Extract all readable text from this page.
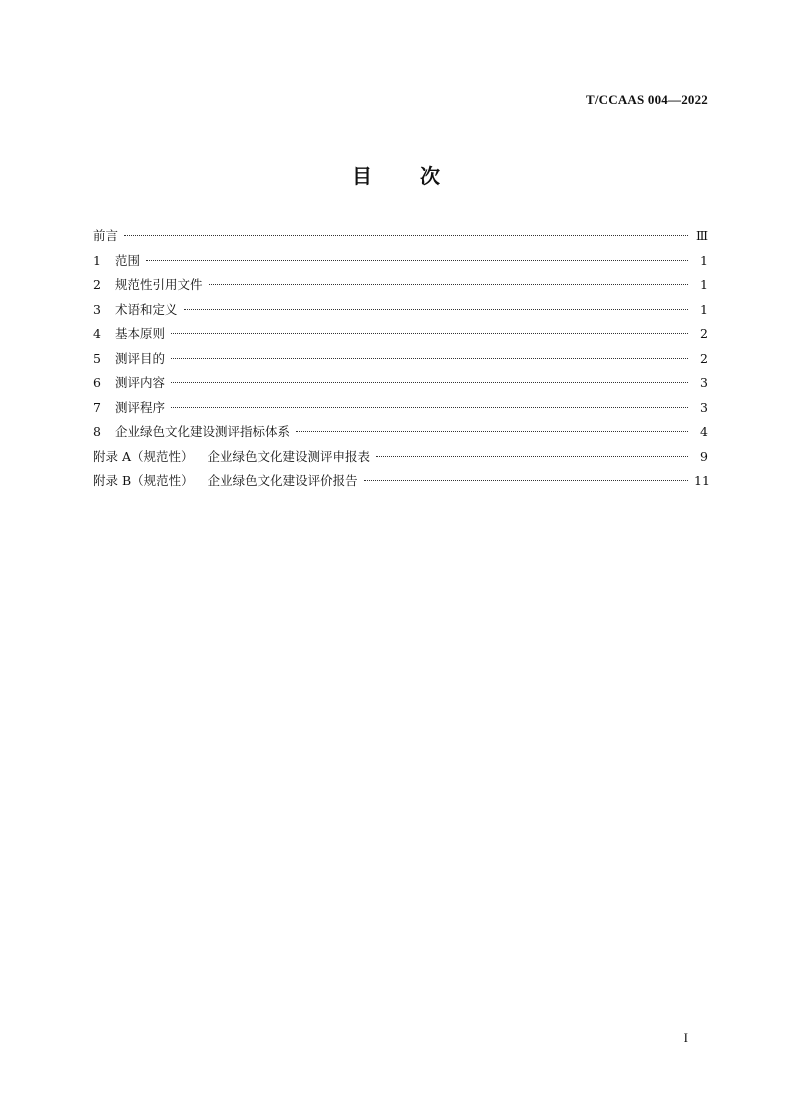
T/CCAAS 004—2022
目 次
前言	Ⅲ
1	范围	1
2	规范性引用文件	1
3	术语和定义	1
4	基本原则	2
5	测评目的	2
6	测评内容	3
7	测评程序	3
8	企业绿色文化建设测评指标体系	4
附录 A（规范性） 企业绿色文化建设测评申报表	9
附录 B（规范性） 企业绿色文化建设评价报告	11
I
